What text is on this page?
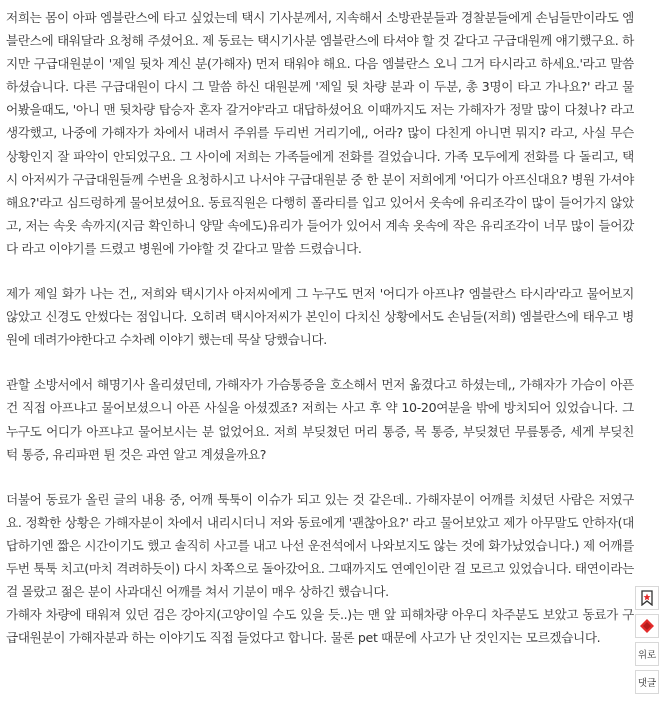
저희는 몸이 아파 엠블란스에 타고 싶었는데 택시 기사분께서, 지속해서 소방관분들과 경찰분들에게 손님들만이라도 엠블란스에 태워달라 요청해 주셨어요. 제 동료는 택시기사분 엠블란스에 타셔야 할 것 같다고 구급대원께 얘기했구요. 하지만 구급대원분이 '제일 뒷차 계신 분(가해자) 먼저 태워야 해요. 다음 엠블란스 오니 그거 타시라고 하세요.'라고 말씀 하셨습니다. 다른 구급대원이 다시 그 말씀 하신 대원분께 '제일 뒷 차량 분과 이 두분, 총 3명이 타고 가나요?' 라고 물어봤을때도, '아니 맨 뒷차량 탑승자 혼자 갈거야'라고 대답하셨어요 이때까지도 저는 가해자가 정말 많이 다쳤나? 라고 생각했고, 나중에 가해자가 차에서 내려서 주위를 두리번 거리기에,, 어라? 많이 다친게 아니면 뭐지? 라고, 사실 무슨 상황인지 잘 파악이 안되었구요. 그 사이에 저희는 가족들에게 전화를 걸었습니다. 가족 모두에게 전화를 다 돌리고, 택시 아저씨가 구급대원들께 수번을 요청하시고 나서야 구급대원분 중 한 분이 저희에게 '어디가 아프신대요? 병원 가셔야 해요?'라고 심드렁하게 물어보셨어요. 동료직원은 다행히 폴라티를 입고 있어서 옷속에 유리조각이 많이 들어가지 않았고, 저는 속옷 속까지(지금 확인하니 양말 속에도)유리가 들어가 있어서 계속 옷속에 작은 유리조각이 너무 많이 들어갔다 라고 이야기를 드렸고 병원에 가야할 것 같다고 말씀 드렸습니다.

제가 제일 화가 나는 건,, 저희와 택시기사 아저씨에게 그 누구도 먼저 '어디가 아프냐? 엠블란스 타시라'라고 물어보지 않았고 신경도 안썼다는 점입니다. 오히려 택시아저씨가 본인이 다치신 상황에서도 손님들(저희) 엠블란스에 태우고 병원에 데려가야한다고 수차례 이야기 했는데 묵살 당했습니다.

관할 소방서에서 해명기사 올리셨던데, 가해자가 가슴통증을 호소해서 먼저 옮겼다고 하셨는데,, 가해자가 가슴이 아픈건 직접 아프냐고 물어보셨으니 아픈 사실을 아셨겠죠? 저희는 사고 후 약 10-20여분을 밖에 방치되어 있었습니다. 그 누구도 어디가 아프냐고 물어보시는 분 없었어요. 저희 부딪쳤던 머리 통증, 목 통증, 부딪쳤던 무릎통증, 세게 부딪친 턱 통증, 유리파편 튄 것은 과연 알고 계셨을까요?

더불어 동료가 올린 글의 내용 중, 어깨 툭툭이 이슈가 되고 있는 것 같은데.. 가해자분이 어깨를 치셨던 사람은 저였구요. 정확한 상황은 가해자분이 차에서 내리시더니 저와 동료에게 '괜찮아요?' 라고 물어보았고 제가 아무말도 안하자(대답하기엔 짧은 시간이기도 했고 솔직히 사고를 내고 나선 운전석에서 나와보지도 않는 것에 화가났었습니다.) 제 어깨를 두번 툭툭 치고(마치 격려하듯이) 다시 차쪽으로 돌아갔어요. 그때까지도 연예인이란 걸 모르고 있었습니다. 태연이라는 걸 몰랐고 젊은 분이 사과대신 어깨를 쳐서 기분이 매우 상하긴 했습니다.
가해자 차량에 태워져 있던 검은 강아지(고양이일 수도 있을 듯..)는 맨 앞 피해차량 아우디 차주분도 보았고 동료가 구급대원분이 가해자분과 하는 이야기도 직접 들었다고 합니다. 물론 pet 때문에 사고가 난 것인지는 모르겠습니다.

위로
댓글
